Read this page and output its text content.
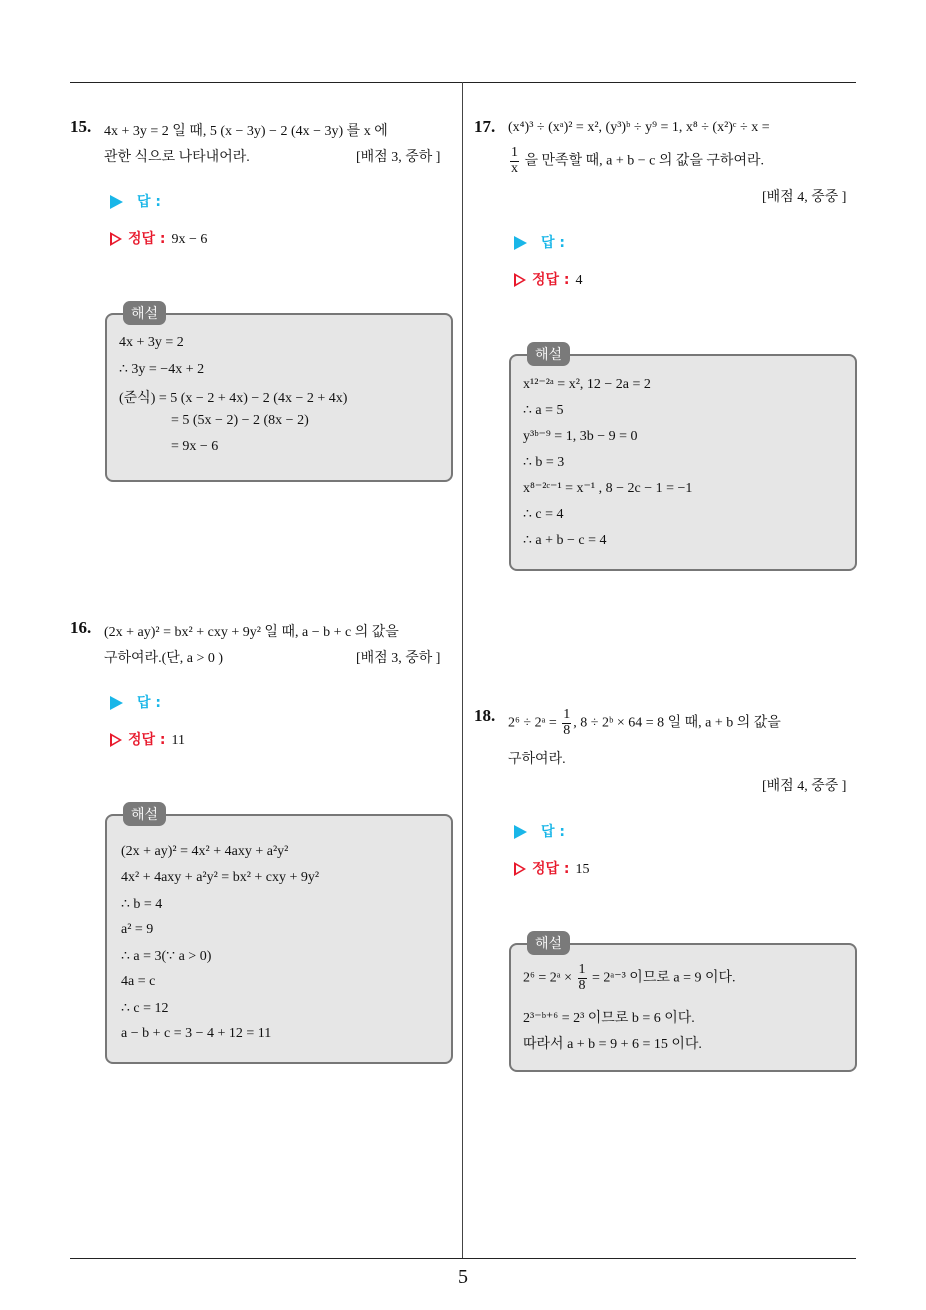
5
15. 4x + 3y = 2 일 때, 5 (x − 3y) − 2 (4x − 3y) 를 x 에
관한 식으로 나타내어라.	[배점 3, 중하 ]
답 :
정답 : 9x − 6
해설
4x + 3y = 2
∴ 3y = −4x + 2
(준식) = 5 (x − 2 + 4x) − 2 (4x − 2 + 4x)
= 5 (5x − 2) − 2 (8x − 2)
= 9x − 6
16. (2x + ay)² = bx² + cxy + 9y² 일 때, a − b + c 의 값을
구하여라.(단, a > 0 )	[배점 3, 중하 ]
답 :
정답 : 11
해설
(2x + ay)² = 4x² + 4axy + a²y²
4x² + 4axy + a²y² = bx² + cxy + 9y²
∴ b = 4
a² = 9
∴ a = 3(∵ a > 0)
4a = c
∴ c = 12
a − b + c = 3 − 4 + 12 = 11
17. (x⁴)³ ÷ (xᵃ)² = x², (y³)ᵇ ÷ y⁹ = 1, x⁸ ÷ (x²)ᶜ ÷ x =
$\frac{1}{x}$ 을 만족할 때, a + b − c 의 값을 구하여라.
[배점 4, 중중 ]
답 :
정답 : 4
해설
x¹²⁻²ᵃ = x², 12 − 2a = 2
∴ a = 5
y³ᵇ⁻⁹ = 1, 3b − 9 = 0
∴ b = 3
x⁸⁻²ᶜ⁻¹ = x⁻¹ , 8 − 2c − 1 = −1
∴ c = 4
∴ a + b − c = 4
18. 2⁶ ÷ 2ᵃ = $\frac{1}{8}$ , 8 ÷ 2ᵇ × 64 = 8 일 때, a + b 의 값을
구하여라.
[배점 4, 중중 ]
답 :
정답 : 15
해설
2⁶ = 2ᵃ × $\frac{1}{8}$ = 2ᵃ⁻³ 이므로 a = 9 이다.
2³⁻ᵇ⁺⁶ = 2³ 이므로 b = 6 이다.
따라서 a + b = 9 + 6 = 15 이다.
